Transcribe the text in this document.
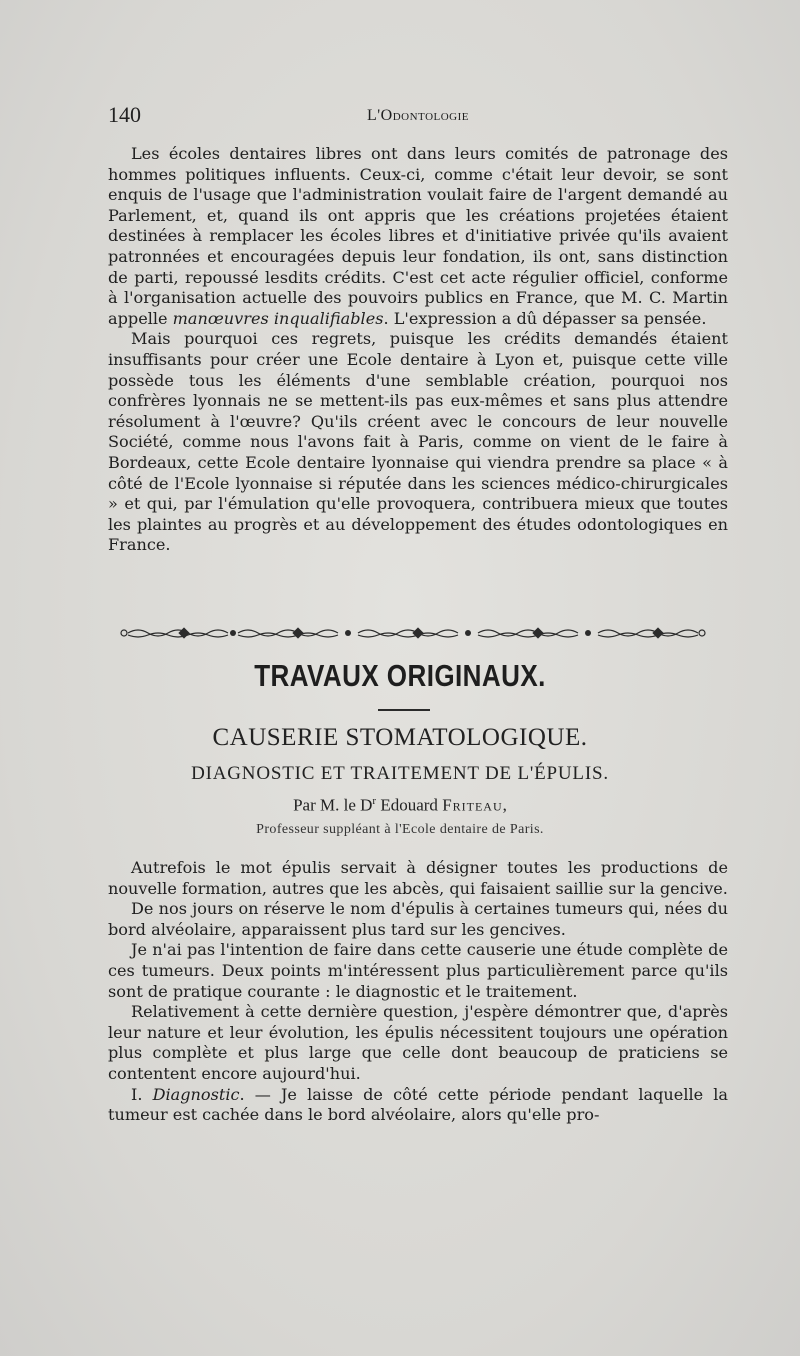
140	L'Odontologie

Les écoles dentaires libres ont dans leurs comités de patronage des hommes politiques influents. Ceux-ci, comme c'était leur devoir, se sont enquis de l'usage que l'administration voulait faire de l'argent demandé au Parlement, et, quand ils ont appris que les créations projetées étaient destinées à remplacer les écoles libres et d'initiative privée qu'ils avaient patronnées et encouragées depuis leur fondation, ils ont, sans distinction de parti, repoussé lesdits crédits. C'est cet acte régulier officiel, conforme à l'organisation actuelle des pouvoirs publics en France, que M. C. Martin appelle manœuvres inqualifiables. L'expression a dû dépasser sa pensée.

Mais pourquoi ces regrets, puisque les crédits demandés étaient insuffisants pour créer une Ecole dentaire à Lyon et, puisque cette ville possède tous les éléments d'une semblable création, pourquoi nos confrères lyonnais ne se mettent-ils pas eux-mêmes et sans plus attendre résolument à l'œuvre? Qu'ils créent avec le concours de leur nouvelle Société, comme nous l'avons fait à Paris, comme on vient de le faire à Bordeaux, cette Ecole dentaire lyonnaise qui viendra prendre sa place « à côté de l'Ecole lyonnaise si réputée dans les sciences médico-chirurgicales » et qui, par l'émulation qu'elle provoquera, contribuera mieux que toutes les plaintes au progrès et au développement des études odontologiques en France.

TRAVAUX ORIGINAUX.
CAUSERIE STOMATOLOGIQUE.
DIAGNOSTIC ET TRAITEMENT DE L'ÉPULIS.
Par M. le $D^r$ Edouard Friteau,
Professeur suppléant à l'Ecole dentaire de Paris.

Autrefois le mot épulis servait à désigner toutes les productions de nouvelle formation, autres que les abcès, qui faisaient saillie sur la gencive.

De nos jours on réserve le nom d'épulis à certaines tumeurs qui, nées du bord alvéolaire, apparaissent plus tard sur les gencives.

Je n'ai pas l'intention de faire dans cette causerie une étude complète de ces tumeurs. Deux points m'intéressent plus particulièrement parce qu'ils sont de pratique courante : le diagnostic et le traitement.

Relativement à cette dernière question, j'espère démontrer que, d'après leur nature et leur évolution, les épulis nécessitent toujours une opération plus complète et plus large que celle dont beaucoup de praticiens se contentent encore aujourd'hui.

I. Diagnostic. — Je laisse de côté cette période pendant laquelle la tumeur est cachée dans le bord alvéolaire, alors qu'elle pro-
